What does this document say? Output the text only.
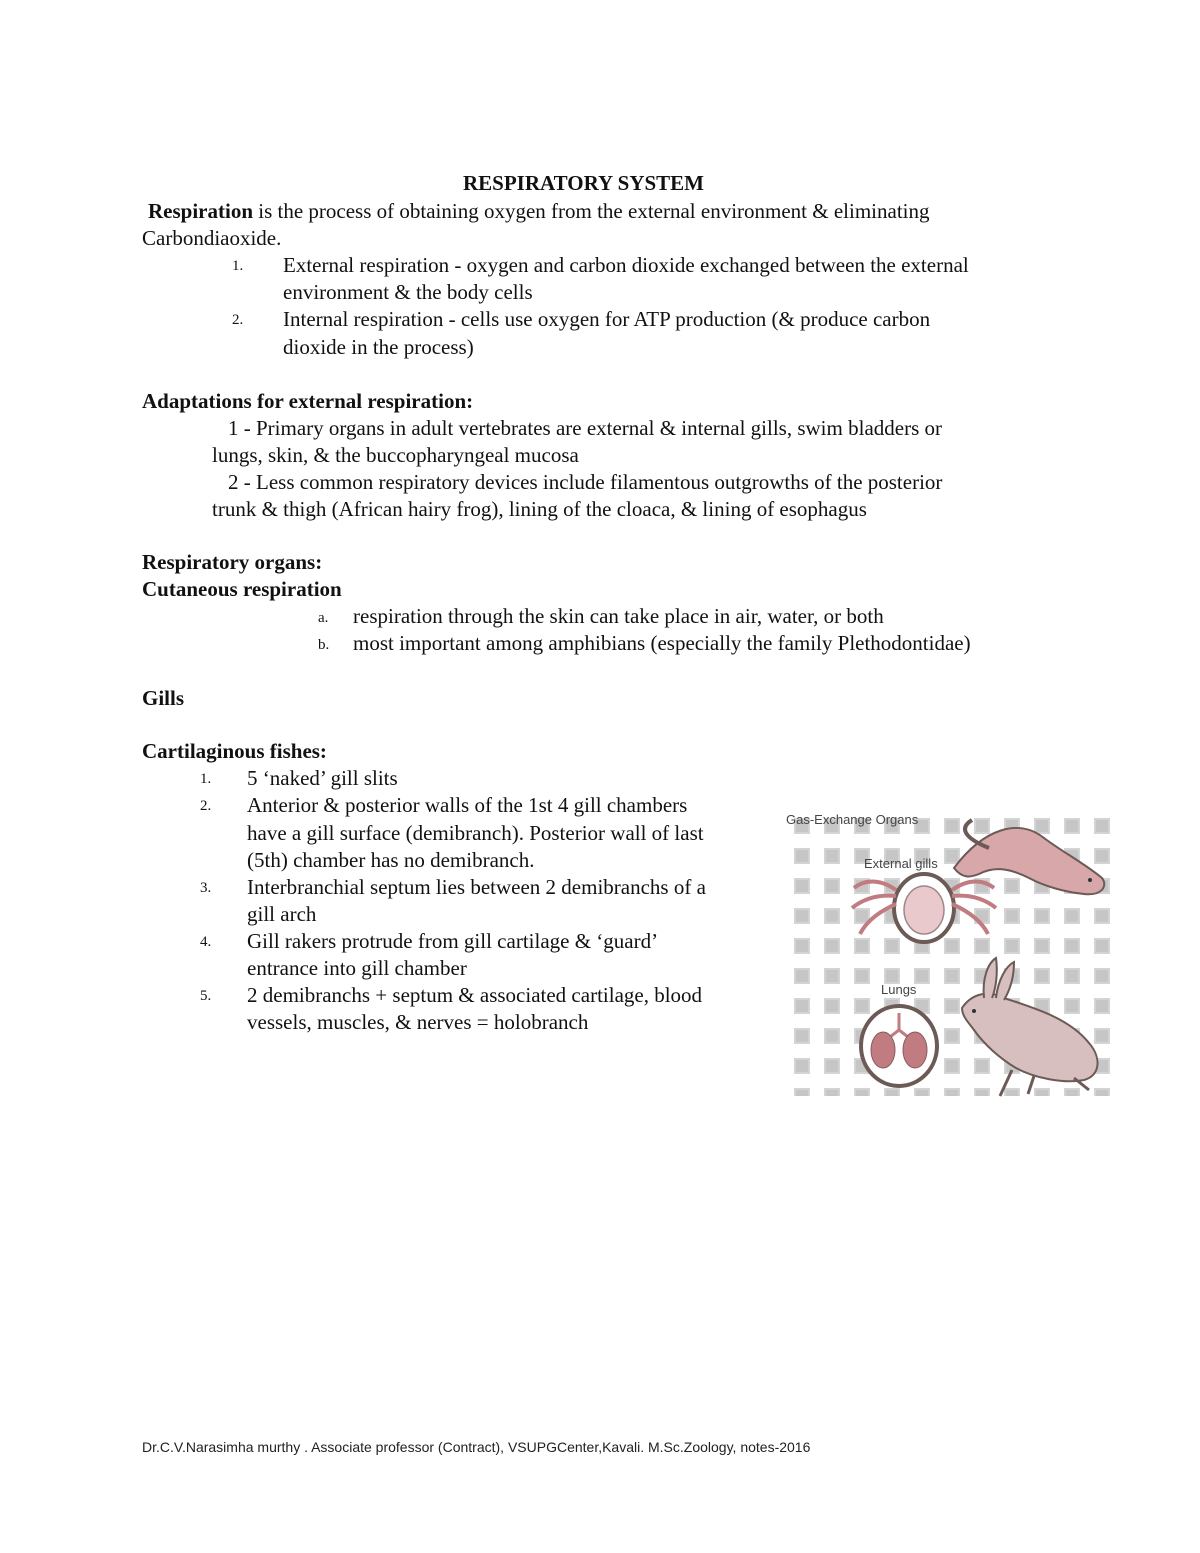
RESPIRATORY SYSTEM
Respiration is the process of obtaining oxygen from the external environment & eliminating
Carbondiaoxide.
1. External respiration - oxygen and carbon dioxide exchanged between the external
environment & the body cells
2. Internal respiration - cells use oxygen for ATP production (& produce carbon
dioxide in the process)
Adaptations for external respiration:
1 - Primary organs in adult vertebrates are external & internal gills, swim bladders or
lungs, skin, & the buccopharyngeal mucosa
2 - Less common respiratory devices include filamentous outgrowths of the posterior
trunk & thigh (African hairy frog), lining of the cloaca, & lining of esophagus
Respiratory organs:
Cutaneous respiration
a. respiration through the skin can take place in air, water, or both
b. most important among amphibians (especially the family Plethodontidae)
Gills
Cartilaginous fishes:
1. 5 ‘naked’ gill slits
2. Anterior & posterior walls of the 1st 4 gill chambers
have a gill surface (demibranch). Posterior wall of last
(5th) chamber has no demibranch.
3. Interbranchial septum lies between 2 demibranchs of a
gill arch
4. Gill rakers protrude from gill cartilage & ‘guard’
entrance into gill chamber
5. 2 demibranchs + septum & associated cartilage, blood
vessels, muscles, & nerves = holobranch
Gas-Exchange Organs
External gills
Lungs
Dr.C.V.Narasimha murthy . Associate professor (Contract), VSUPGCenter,Kavali. M.Sc.Zoology, notes-2016
